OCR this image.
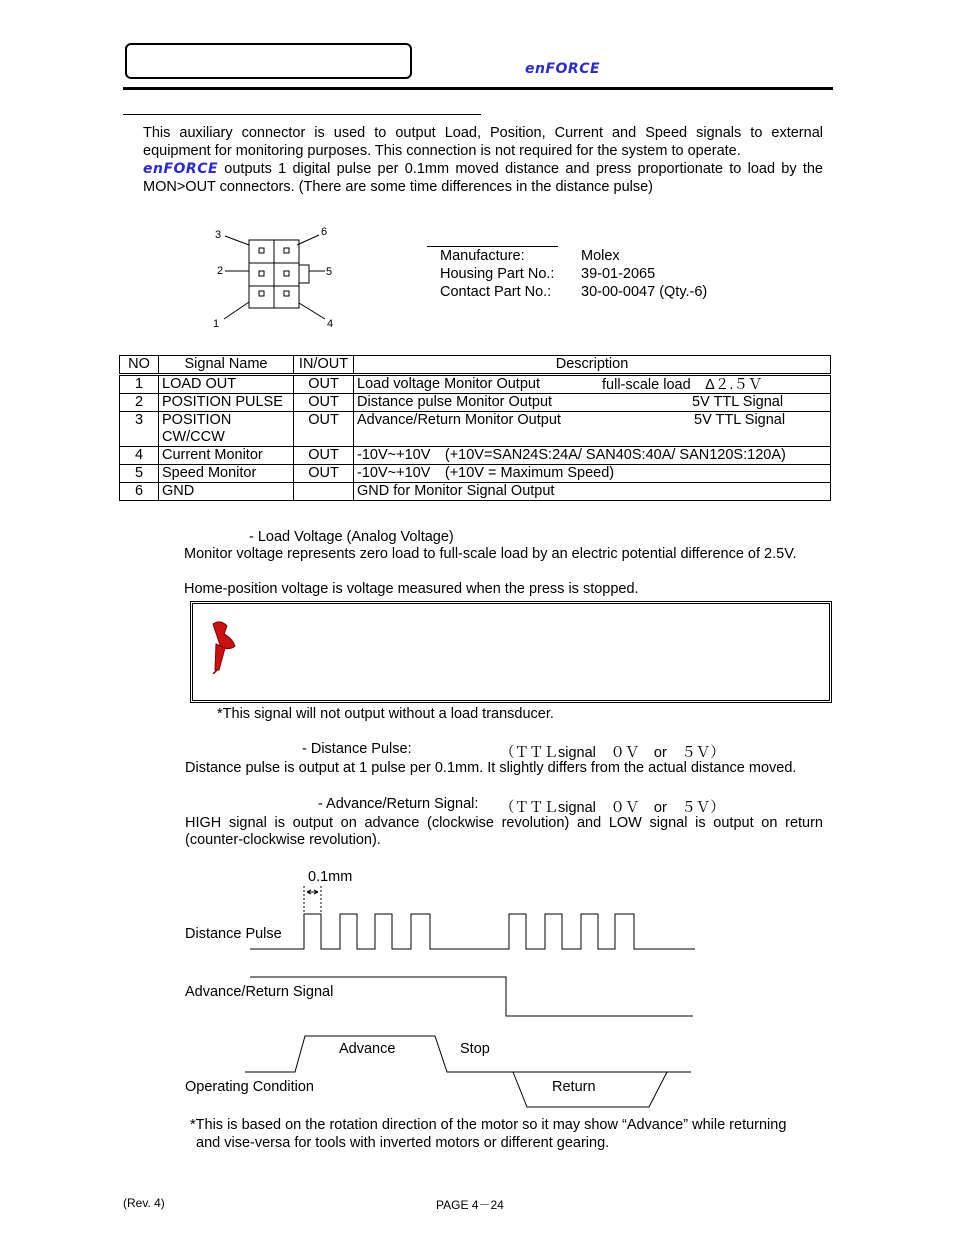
enFORCE
This auxiliary connector is used to output Load, Position, Current and Speed signals to external equipment for monitoring purposes. This connection is not required for the system to operate.
enFORCE outputs 1 digital pulse per 0.1mm moved distance and press proportionate to load by the MON>OUT connectors. (There are some time differences in the distance pulse)
3	6
2	5
1	4
Manufacture:	Molex
Housing Part No.: 39-01-2065
Contact Part No.: 30-00-0047 (Qty.-6)
NO	Signal Name	IN/OUT	Description
1	LOAD OUT	OUT	Load voltage Monitor Output full-scale load　Δ２.５Ｖ

2	POSITION PULSE	OUT	Distance pulse Monitor Output 5V TTL Signal

3	POSITION CW/CCW	OUT	Advance/Return Monitor Output 5V TTL Signal

4	Current Monitor	OUT	-10V~+10V　(+10V=SAN24S:24A/ SAN40S:40A/ SAN120S:120A)
5	Speed Monitor	OUT	-10V~+10V　(+10V = Maximum Speed)
6	GND		GND for Monitor Signal Output
- Load Voltage (Analog Voltage)
Monitor voltage represents zero load to full-scale load by an electric potential difference of 2.5V.
Home-position voltage is voltage measured when the press is stopped.
*This signal will not output without a load transducer.
- Distance Pulse:	（ＴＴＬsignal　０Ｖ　or　５Ｖ）
Distance pulse is output at 1 pulse per 0.1mm. It slightly differs from the actual distance moved.
- Advance/Return Signal: （ＴＴＬsignal　０Ｖ　or　５Ｖ）
HIGH signal is output on advance (clockwise revolution) and LOW signal is output on return (counter-clockwise revolution).
0.1mm
Distance Pulse
Advance/Return Signal
Advance	Stop
Operating Condition	Return
*This is based on the rotation direction of the motor so it may show “Advance” while returning
and vise-versa for tools with inverted motors or different gearing.
(Rev. 4)	PAGE 4－24
